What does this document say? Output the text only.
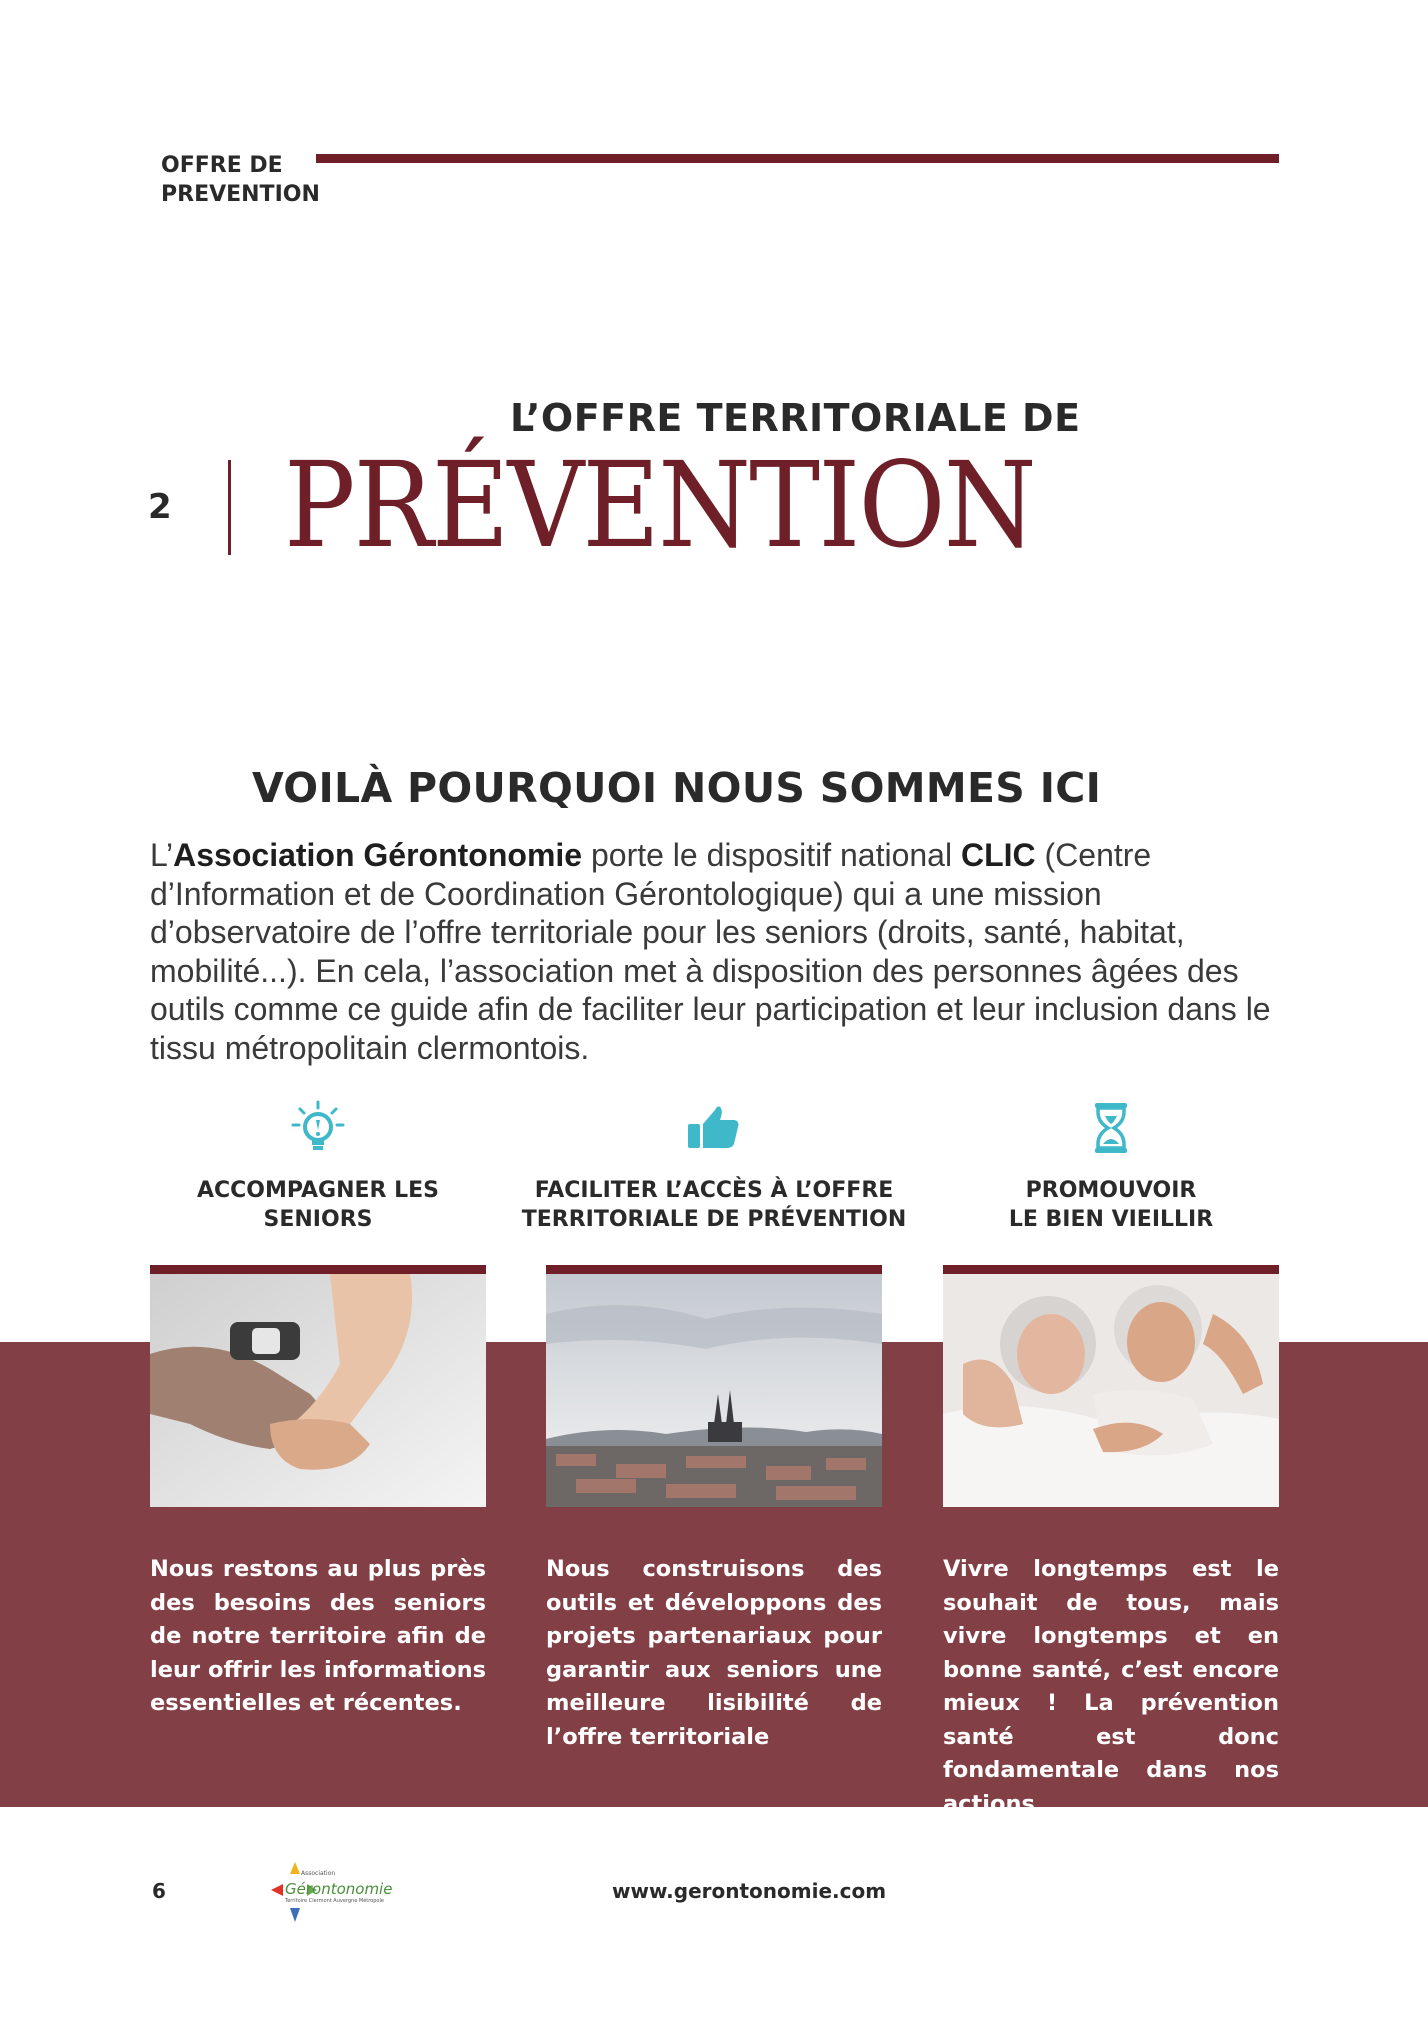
OFFRE DE
PREVENTION
L’OFFRE TERRITORIALE DE
2 PRÉVENTION
VOILÀ POURQUOI NOUS SOMMES ICI
L’Association Gérontonomie porte le dispositif national CLIC (Centre d’Information et de Coordination Gérontologique) qui a une mission d’observatoire de l’offre territoriale pour les seniors (droits, santé, habitat, mobilité...). En cela, l’association met à disposition des personnes âgées des outils comme ce guide afin de faciliter leur participation et leur inclusion dans le tissu métropolitain clermontois.
ACCOMPAGNER LES
SENIORS
Nous restons au plus près des besoins des seniors de notre territoire afin de leur offrir les informations essentielles et récentes.
FACILITER L’ACCÈS À L’OFFRE
TERRITORIALE DE PRÉVENTION
Nous construisons des outils et développons des projets partenariaux pour garantir aux seniors une meilleure lisibilité de l’offre territoriale
PROMOUVOIR
LE BIEN VIEILLIR
Vivre longtemps est le souhait de tous, mais vivre longtemps et en bonne santé, c’est encore mieux ! La prévention santé est donc fondamentale dans nos actions
6
Association
Gérontonomie
Territoire Clermont Auvergne Métropole	www.gerontonomie.com
